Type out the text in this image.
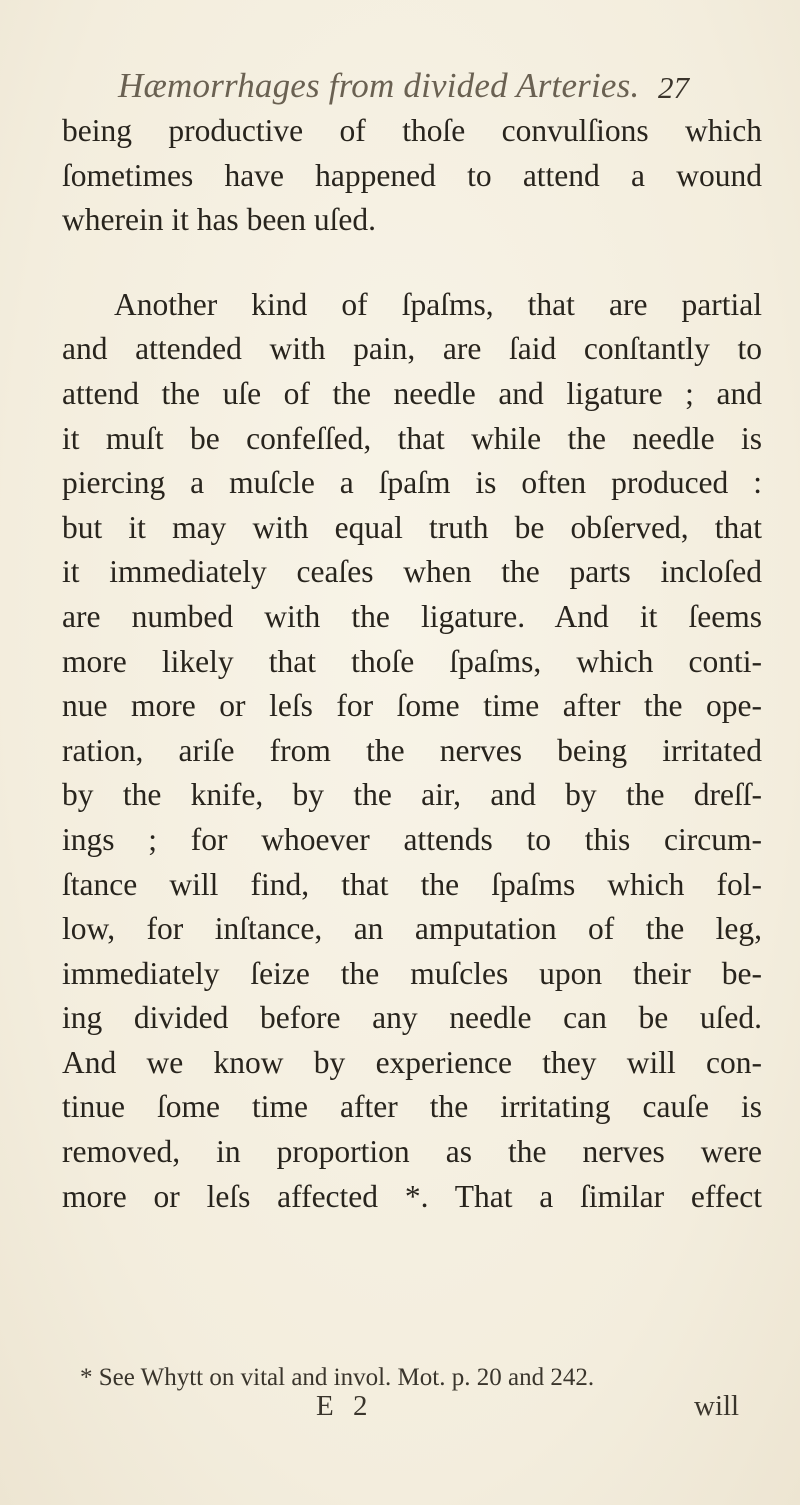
Hæmorrhages from divided Arteries. 27
being productive of thoſe convulſions which
ſometimes have happened to attend a wound
wherein it has been uſed.
Another kind of ſpaſms, that are partial
and attended with pain, are ſaid conſtantly to
attend the uſe of the needle and ligature ; and
it muſt be confeſſed, that while the needle is
piercing a muſcle a ſpaſm is often produced :
but it may with equal truth be obſerved, that
it immediately ceaſes when the parts incloſed
are numbed with the ligature. And it ſeems
more likely that thoſe ſpaſms, which conti-
nue more or leſs for ſome time after the ope-
ration, ariſe from the nerves being irritated
by the knife, by the air, and by the dreſſ-
ings ; for whoever attends to this circum-
ſtance will find, that the ſpaſms which fol-
low, for inſtance, an amputation of the leg,
immediately ſeize the muſcles upon their be-
ing divided before any needle can be uſed.
And we know by experience they will con-
tinue ſome time after the irritating cauſe is
removed, in proportion as the nerves were
more or leſs affected *. That a ſimilar effect
* See Whytt on vital and invol. Mot. p. 20 and 242.
E 2	will
